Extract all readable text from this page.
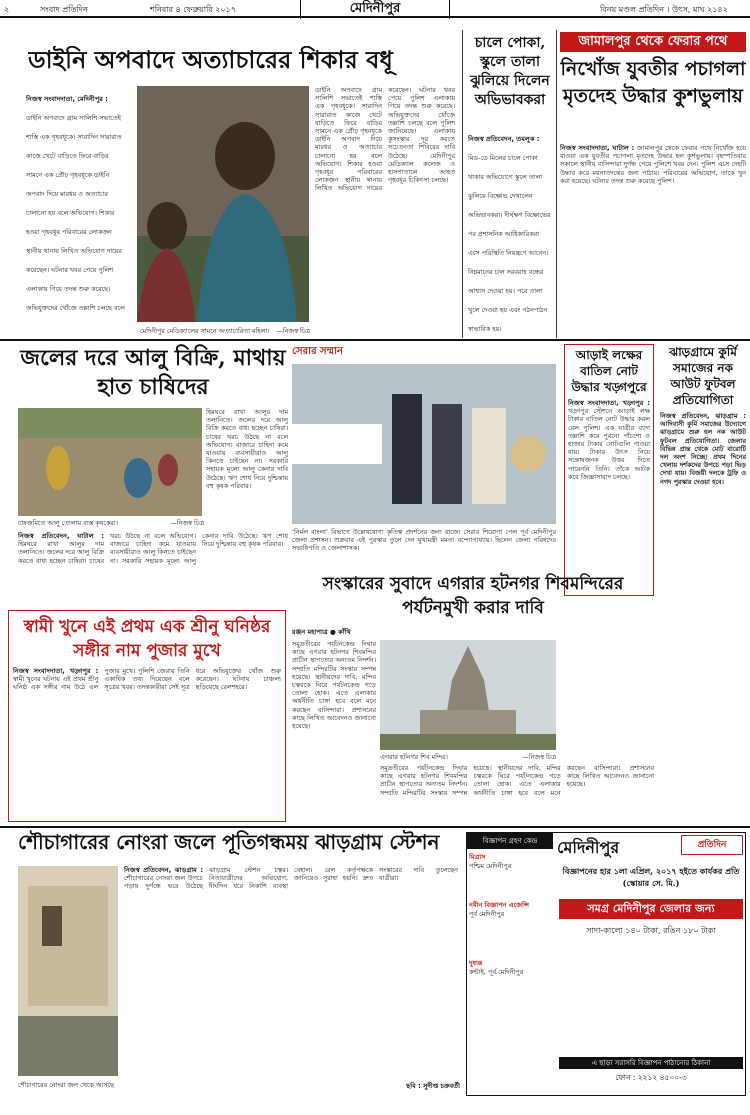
২	সংবাদ প্রতিদিন	শনিবার ৪ ফেব্রুয়ারি ২০১৭	বিনয় মণ্ডল প্রতিদিন । উৎস, মাঘ ২১৪২
মেদিনীপুর
ডাইনি অপবাদে অত্যাচারের শিকার বধূ
নিজস্ব সংবাদদাতা, মেদিনীপুর : ডাইনি অপবাদে গ্রাম সালিশি সভাতেই শাস্তি এক গৃহবধূকে। সারাদিন সারারাত কাজে খেটে বাড়িতে ফিরে বাড়ির সামনে এক প্রৌঢ় গৃহবধূকে ডাইনি অপবাদ দিয়ে মারধর ও অত্যাচার চালানো হয় বলে অভিযোগ। শিকার হওয়া গৃহবধূর পরিবারের লোকজন স্থানীয় থানায় লিখিত অভিযোগ দায়ের করেছেন। ঘটনার খবর পেয়ে পুলিশ এলাকায় গিয়ে তদন্ত শুরু করেছে। অভিযুক্তদের খোঁজে তল্লাশি চলছে বলে
মেদিনীপুর মেডিক্যালের সামনে অত্যাচারিতা মহিলা।	—নিজস্ব চিত্র
ডাইনি অপবাদে গ্রাম সালিশি সভাতেই শাস্তি এক গৃহবধূকে। সারাদিন সারারাত কাজে খেটে বাড়িতে ফিরে বাড়ির সামনে এক প্রৌঢ় গৃহবধূকে ডাইনি অপবাদ দিয়ে মারধর ও অত্যাচার চালানো হয় বলে অভিযোগ। শিকার হওয়া গৃহবধূর পরিবারের লোকজন স্থানীয় থানায় লিখিত অভিযোগ দায়ের করেছেন। ঘটনার খবর পেয়ে পুলিশ এলাকায় গিয়ে তদন্ত শুরু করেছে। অভিযুক্তদের খোঁজে তল্লাশি চলছে বলে পুলিশ জানিয়েছে। এলাকায় কুসংস্কার দূর করতে সচেতনতা শিবিরের দাবি উঠেছে। মেদিনীপুর মেডিক্যাল কলেজ ও হাসপাতালে আহত গৃহবধূর চিকিৎসা চলছে।
চালে পোকা, স্কুলে তালা ঝুলিয়ে দিলেন অভিভাবকরা
নিজস্ব প্রতিবেদন, তমলুক : মিড-ডে মিলের চালে পোকা থাকার অভিযোগে স্কুলে তালা ঝুলিয়ে বিক্ষোভ দেখালেন অভিভাবকরা। দীর্ঘক্ষণ বিক্ষোভের পর প্রশাসনিক আধিকারিকরা এসে পরিস্থিতি নিয়ন্ত্রণে আনেন। নিম্নমানের চাল সরবরাহ বন্ধের আশ্বাস দেওয়া হয়। পরে তালা খুলে দেওয়া হয় এবং পঠনপাঠন স্বাভাবিক হয়।
জামালপুর থেকে ফেরার পথে
নিখোঁজ যুবতীর পচাগলা মৃতদেহ উদ্ধার কুশভুলায়
নিজস্ব সংবাদদাতা, ঘাটাল : জামালপুর থেকে ফেরার পথে নিখোঁজ হয়ে যাওয়া এক যুবতীর পচাগলা মৃতদেহ উদ্ধার হল কুশভুলায়। বৃহস্পতিবার সকালে স্থানীয় বাসিন্দারা দুর্গন্ধ পেয়ে পুলিশে খবর দেন। পুলিশ এসে দেহটি উদ্ধার করে ময়নাতদন্তের জন্য পাঠায়। পরিবারের অভিযোগ, তাকে খুন করা হয়েছে। ঘটনার তদন্ত শুরু করেছে পুলিশ।
জলের দরে আলু বিক্রি, মাথায় হাত চাষিদের
চাষজমিতে আলু তোলায় ব্যস্ত কৃষকেরা।	—নিজস্ব চিত্র
হিমঘরে রাখা আলুর দাম তলানিতে। জলের দরে আলু বিক্রি করতে বাধ্য হচ্ছেন চাষিরা। চাষের খরচ উঠছে না বলে অভিযোগ। বাজারে চাহিদা কমে যাওয়ায় ব্যবসায়ীরাও আলু কিনতে চাইছেন না। সরকারি সহায়ক মূল্যে আলু কেনার দাবি উঠেছে। ঋণ শোধ নিয়ে দুশ্চিন্তায় বহু কৃষক পরিবার।
নিজস্ব প্রতিবেদন, ঘাটাল : হিমঘরে রাখা আলুর দাম তলানিতে। জলের দরে আলু বিক্রি করতে বাধ্য হচ্ছেন চাষিরা। চাষের খরচ উঠছে না বলে অভিযোগ। বাজারে চাহিদা কমে যাওয়ায় ব্যবসায়ীরাও আলু কিনতে চাইছেন না। সরকারি সহায়ক মূল্যে আলু কেনার দাবি উঠেছে। ঋণ শোধ নিয়ে দুশ্চিন্তায় বহু কৃষক পরিবার।
সেরার সম্মান
‘নির্মল বাংলা’ বিভাগে উল্লেখযোগ্য কৃতিত্ব প্রদর্শনের জন্য রাজ্যে সেরার শিরোপা পেল পূর্ব মেদিনীপুর জেলা প্রশাসন। শুক্রবার এই পুরস্কার তুলে দেন মুখ্যমন্ত্রী মমতা বন্দ্যোপাধ্যায়। ছিলেন জেলা পরিষদের সভাধিপতি ও জেলাশাসক।
আড়াই লক্ষের বাতিল নোট উদ্ধার খড়্গপুরে
নিজস্ব সংবাদদাতা, খড়্গপুর : খড়্গপুর স্টেশনে আড়াই লক্ষ টাকার বাতিল নোট উদ্ধার করল রেল পুলিশ। এক যাত্রীর ব্যাগ তল্লাশি করে পুরনো পাঁচশো ও হাজার টাকার নোটগুলি পাওয়া যায়। টাকার উৎস নিয়ে সন্তোষজনক উত্তর দিতে পারেননি তিনি। তাঁকে আটক করে জিজ্ঞাসাবাদ চলছে।
ঝাড়গ্রামে কুর্মি সমাজের নক আউট ফুটবল প্রতিযোগিতা
নিজস্ব প্রতিবেদন, ঝাড়গ্রাম : আদিবাসী কুর্মি সমাজের উদ্যোগে ঝাড়গ্রামে শুরু হল নক আউট ফুটবল প্রতিযোগিতা। জেলার বিভিন্ন প্রান্ত থেকে মোট বারোটি দল অংশ নিচ্ছে। প্রথম দিনের খেলায় দর্শকদের উপচে পড়া ভিড় দেখা যায়। বিজয়ী দলকে ট্রফি ও নগদ পুরস্কার দেওয়া হবে।
সংস্কারের সুবাদে এগরার হটনগর শিবমন্দিরের পর্যটনমুখী করার দাবি
রঞ্জন মহাপাত্র ● কাঁথি
সমুদ্রতীরের পর্যটনকেন্দ্র দিঘার কাছে এগরার হটনগর শিবমন্দির প্রাচীন স্থাপত্যের অন্যতম নিদর্শন। সম্প্রতি মন্দিরটির সংস্কার সম্পন্ন হয়েছে। স্থানীয়দের দাবি, মন্দির চত্বরকে ঘিরে পর্যটনকেন্দ্র গড়ে তোলা হোক। এতে এলাকার অর্থনীতি চাঙ্গা হবে বলে মনে করছেন বাসিন্দারা। প্রশাসনের কাছে লিখিত আবেদনও জানানো হয়েছে।
এগরার হটনগর শিব মন্দির।	—নিজস্ব চিত্র
সমুদ্রতীরের পর্যটনকেন্দ্র দিঘার কাছে এগরার হটনগর শিবমন্দির প্রাচীন স্থাপত্যের অন্যতম নিদর্শন। সম্প্রতি মন্দিরটির সংস্কার সম্পন্ন হয়েছে। স্থানীয়দের দাবি, মন্দির চত্বরকে ঘিরে পর্যটনকেন্দ্র গড়ে তোলা হোক। এতে এলাকার অর্থনীতি চাঙ্গা হবে বলে মনে করছেন বাসিন্দারা। প্রশাসনের কাছে লিখিত আবেদনও জানানো হয়েছে।
স্বামী খুনে এই প্রথম এক শ্রীনু ঘনিষ্ঠর সঙ্গীর নাম পুজার মুখে
নিজস্ব সংবাদদাতা, খড়্গপুর : স্বামী খুনের ঘটনায় এই প্রথম শ্রীনু ঘনিষ্ঠ এক সঙ্গীর নাম উঠে এল পুজার মুখে। পুলিশি জেরায় তিনি একাধিক তথ্য দিয়েছেন বলে সূত্রের খবর। তদন্তকারীরা সেই সূত্র ধরে অভিযুক্তের খোঁজ শুরু করেছেন। ঘটনায় চাঞ্চল্য ছড়িয়েছে রেলশহরে।
শৌচাগারের নোংরা জলে পূতিগন্ধময় ঝাড়গ্রাম স্টেশন
শৌচাগারের নোংরা জল থেকে আসছে
নিজস্ব প্রতিবেদন, ঝাড়গ্রাম : শৌচাগারের নোংরা জল উপচে পড়ায় দুর্গন্ধে ভরে উঠেছে ঝাড়গ্রাম স্টেশন চত্বর। নিত্যযাত্রীদের অভিযোগ, দীর্ঘদিন ধরে নিকাশি ব্যবস্থা বেহাল। রেল কর্তৃপক্ষকে জানিয়েও সুরাহা হয়নি। দ্রুত সংস্কারের দাবি তুলেছেন যাত্রীরা।
ছবি : সুদীপ্ত চক্রবর্তী
বিজ্ঞাপন গ্রহণ কেন্দ্র	মেদিনীপুর	প্রতিদিন
মিত্রাস
পশ্চিম মেদিনীপুর
নবীন বিজ্ঞাপন এজেন্সি
পূর্ব মেদিনীপুর
দুষ্যন্ত
কন্টাই, পূর্ব মেদিনীপুর
বিজ্ঞাপনের হার ১লা এপ্রিল, ২০১৭ হইতে কার্যকর প্রতি (স্কোয়ার সে. মি.)
সমগ্র মেদিনীপুর জেলার জন্য
সাদা-কালো ১৪০ টাকা, রঙিন ১৮০ টাকা
এ ছাড়া সরাসরি বিজ্ঞাপন পাঠানোর ঠিকানা
ফোন : ২২১২ ৪৫০০-৩
